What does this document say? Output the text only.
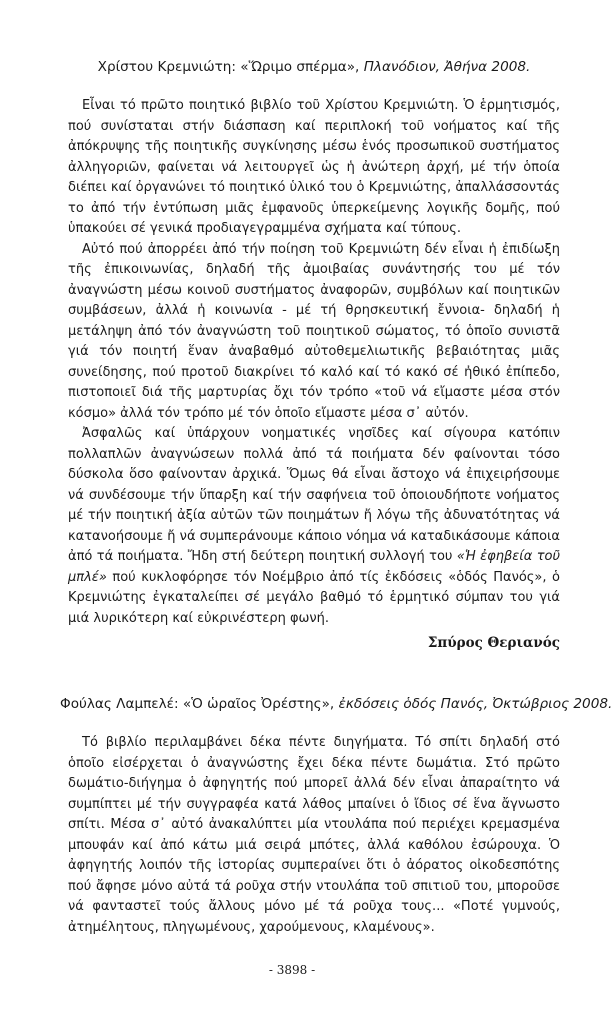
Χρίστου Κρεμνιώτη: «Ὥριμο σπέρμα», Πλανόδιον, Ἀθήνα 2008.

Εἶναι τό πρῶτο ποιητικό βιβλίο τοῦ Χρίστου Κρεμνιώτη. Ὁ ἑρμητισμός, πού συνίσταται στήν διάσπαση καί περιπλοκή τοῦ νοήματος καί τῆς ἀπόκρυψης τῆς ποιητικῆς συγκίνησης μέσω ἑνός προσωπικοῦ συστήματος ἀλληγοριῶν, φαίνεται νά λειτουργεῖ ὡς ἡ ἀνώτερη ἀρχή, μέ τήν ὁποία διέπει καί ὀργανώνει τό ποιητικό ὑλικό του ὁ Κρεμνιώτης, ἀπαλλάσσοντάς το ἀπό τήν ἐντύπωση μιᾶς ἐμφανοῦς ὑπερκείμενης λογικῆς δομῆς, πού ὑπακούει σέ γενικά προδιαγεγραμμένα σχήματα καί τύπους.

Αὐτό πού ἀπορρέει ἀπό τήν ποίηση τοῦ Κρεμνιώτη δέν εἶναι ἡ ἐπιδίωξη τῆς ἐπικοινωνίας, δηλαδή τῆς ἀμοιβαίας συνάντησής του μέ τόν ἀναγνώστη μέσω κοινοῦ συστήματος ἀναφορῶν, συμβόλων καί ποιητικῶν συμβάσεων, ἀλλά ἡ κοινωνία - μέ τή θρησκευτική ἔννοια- δηλαδή ἡ μετάληψη ἀπό τόν ἀναγνώστη τοῦ ποιητικοῦ σώματος, τό ὁποῖο συνιστᾶ γιά τόν ποιητή ἕναν ἀναβαθμό αὐτοθεμελιωτικῆς βεβαιότητας μιᾶς συνείδησης, πού προτοῦ διακρίνει τό καλό καί τό κακό σέ ἠθικό ἐπίπεδο, πιστοποιεῖ διά τῆς μαρτυρίας ὄχι τόν τρόπο «τοῦ νά εἴμαστε μέσα στόν κόσμο» ἀλλά τόν τρόπο μέ τόν ὁποῖο εἴμαστε μέσα σ᾽ αὐτόν.

Ἀσφαλῶς καί ὑπάρχουν νοηματικές νησῖδες καί σίγουρα κατόπιν πολλαπλῶν ἀναγνώσεων πολλά ἀπό τά ποιήματα δέν φαίνονται τόσο δύσκολα ὅσο φαίνονταν ἀρχικά. Ὅμως θά εἶναι ἄστοχο νά ἐπιχειρήσουμε νά συνδέσουμε τήν ὕπαρξη καί τήν σαφήνεια τοῦ ὁποιουδήποτε νοήματος μέ τήν ποιητική ἀξία αὐτῶν τῶν ποιημάτων ἤ λόγω τῆς ἀδυνατότητας νά κατανοήσουμε ἤ νά συμπεράνουμε κάποιο νόημα νά καταδικάσουμε κάποια ἀπό τά ποιήματα. Ἤδη στή δεύτερη ποιητική συλλογή του «Ἡ ἐφηβεία τοῦ μπλέ» πού κυκλοφόρησε τόν Νοέμβριο ἀπό τίς ἐκδόσεις «ὁδός Πανός», ὁ Κρεμνιώτης ἐγκαταλείπει σέ μεγάλο βαθμό τό ἑρμητικό σύμπαν του γιά μιά λυρικότερη καί εὐκρινέστερη φωνή.

Σπύρος Θεριανός

Φούλας Λαμπελέ: «Ὁ ὡραῖος Ὀρέστης», ἐκδόσεις ὁδός Πανός, Ὀκτώβριος 2008.

Τό βιβλίο περιλαμβάνει δέκα πέντε διηγήματα. Τό σπίτι δηλαδή στό ὁποῖο εἰσέρχεται ὁ ἀναγνώστης ἔχει δέκα πέντε δωμάτια. Στό πρῶτο δωμάτιο-διήγημα ὁ ἀφηγητής πού μπορεῖ ἀλλά δέν εἶναι ἀπαραίτητο νά συμπίπτει μέ τήν συγγραφέα κατά λάθος μπαίνει ὁ ἴδιος σέ ἕνα ἄγνωστο σπίτι. Μέσα σ᾽ αὐτό ἀνακαλύπτει μία ντουλάπα πού περιέχει κρεμασμένα μπουφάν καί ἀπό κάτω μιά σειρά μπότες, ἀλλά καθόλου ἐσώρουχα. Ὁ ἀφηγητής λοιπόν τῆς ἱστορίας συμπεραίνει ὅτι ὁ ἀόρατος οἰκοδεσπότης πού ἄφησε μόνο αὐτά τά ροῦχα στήν ντουλάπα τοῦ σπιτιοῦ του, μποροῦσε νά φανταστεῖ τούς ἄλλους μόνο μέ τά ροῦχα τους... «Ποτέ γυμνούς, ἀτημέλητους, πληγωμένους, χαρούμενους, κλαμένους».

- 3898 -
